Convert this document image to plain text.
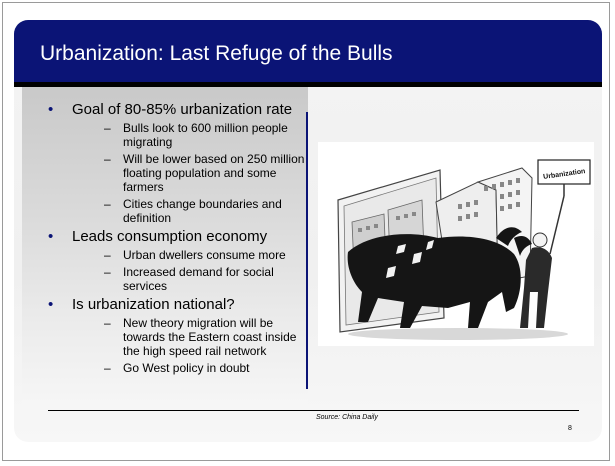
Urbanization: Last Refuge of the Bulls
• Goal of 80-85% urbanization rate
– Bulls look to 600 million people migrating
– Will be lower based on 250 million floating population and some farmers
– Cities change boundaries and definition
• Leads consumption economy
– Urban dwellers consume more
– Increased demand for social services
• Is urbanization national?
– New theory migration will be towards the Eastern coast inside the high speed rail network
– Go West policy in doubt
Urbanization
Source: China Daily
8
